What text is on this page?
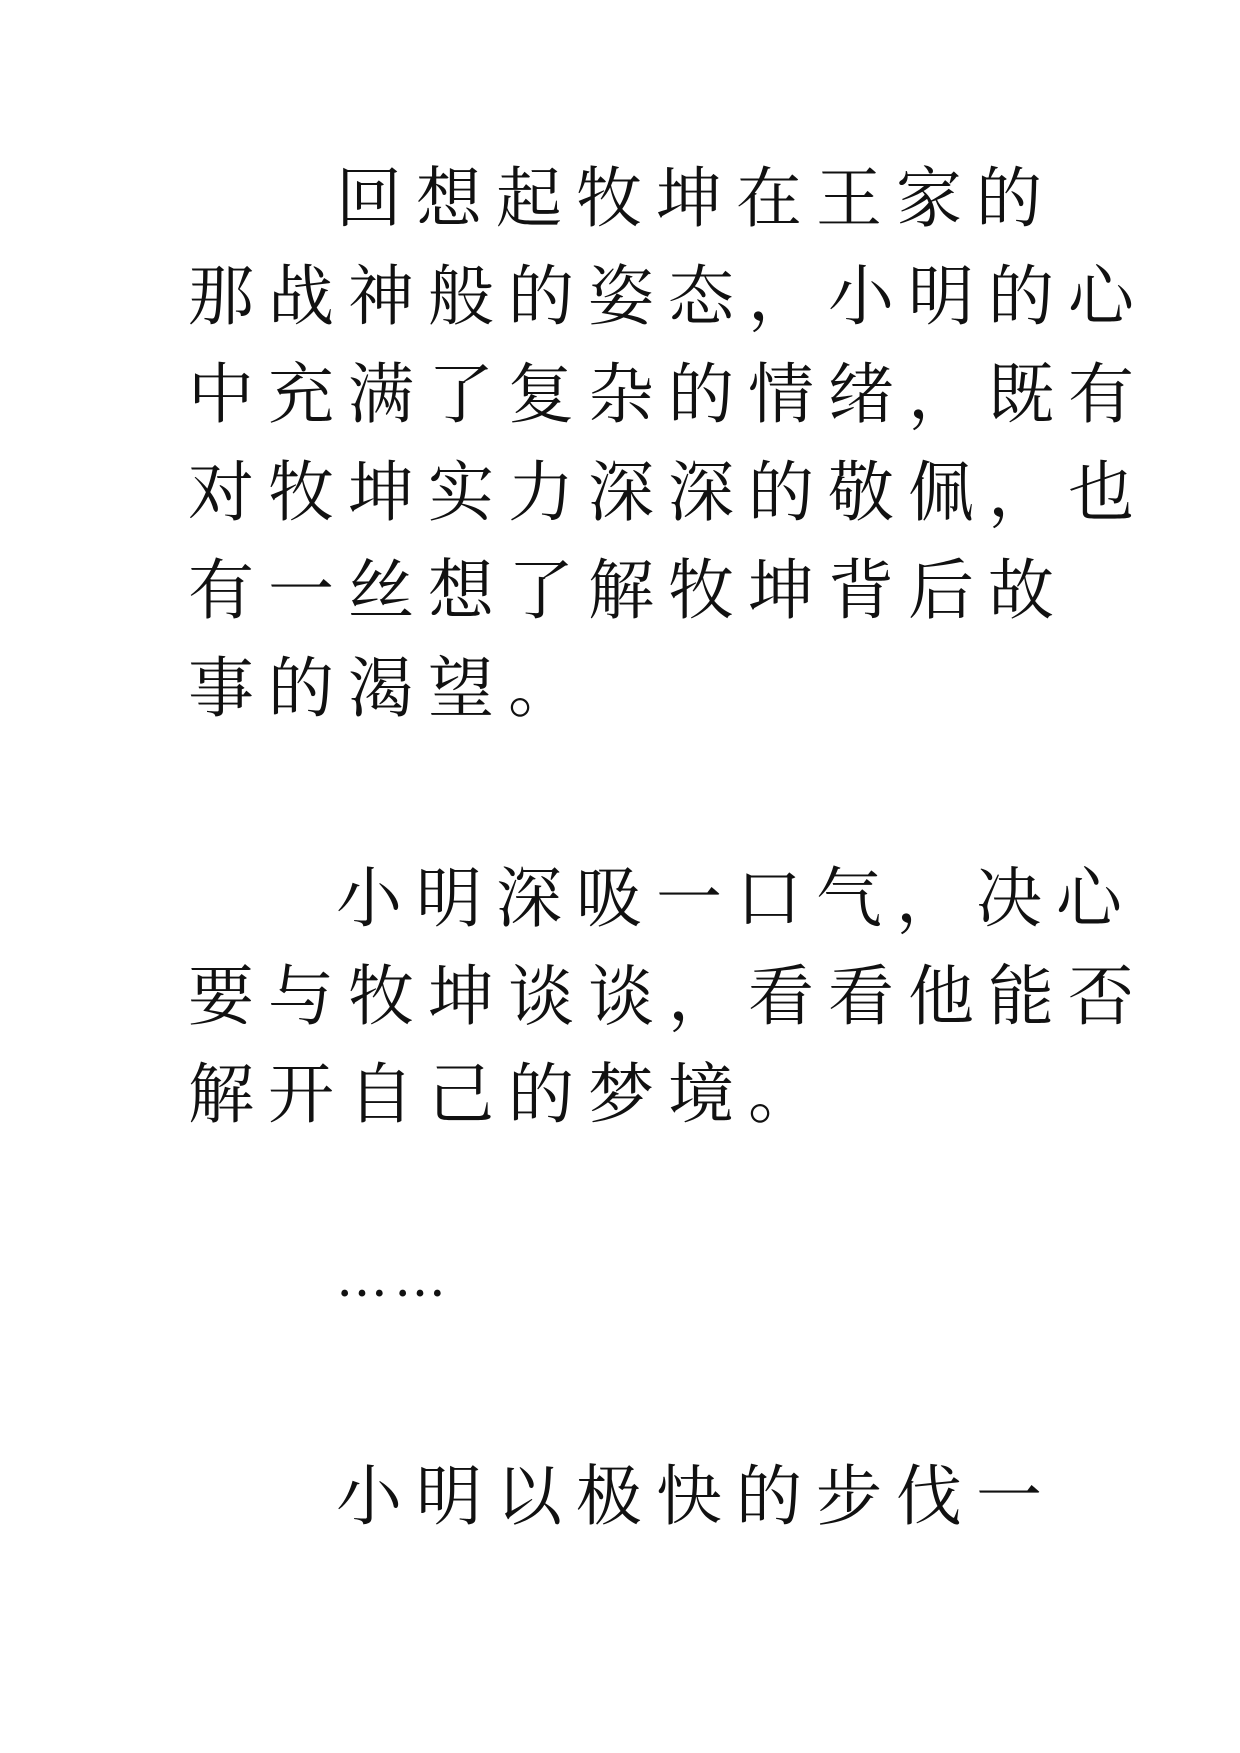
回想起牧坤在王家的
那战神般的姿态，小明的心
中充满了复杂的情绪，既有
对牧坤实力深深的敬佩，也
有一丝想了解牧坤背后故
事的渴望。
小明深吸一口气，决心
要与牧坤谈谈，看看他能否
解开自己的梦境。
……
小明以极快的步伐一
